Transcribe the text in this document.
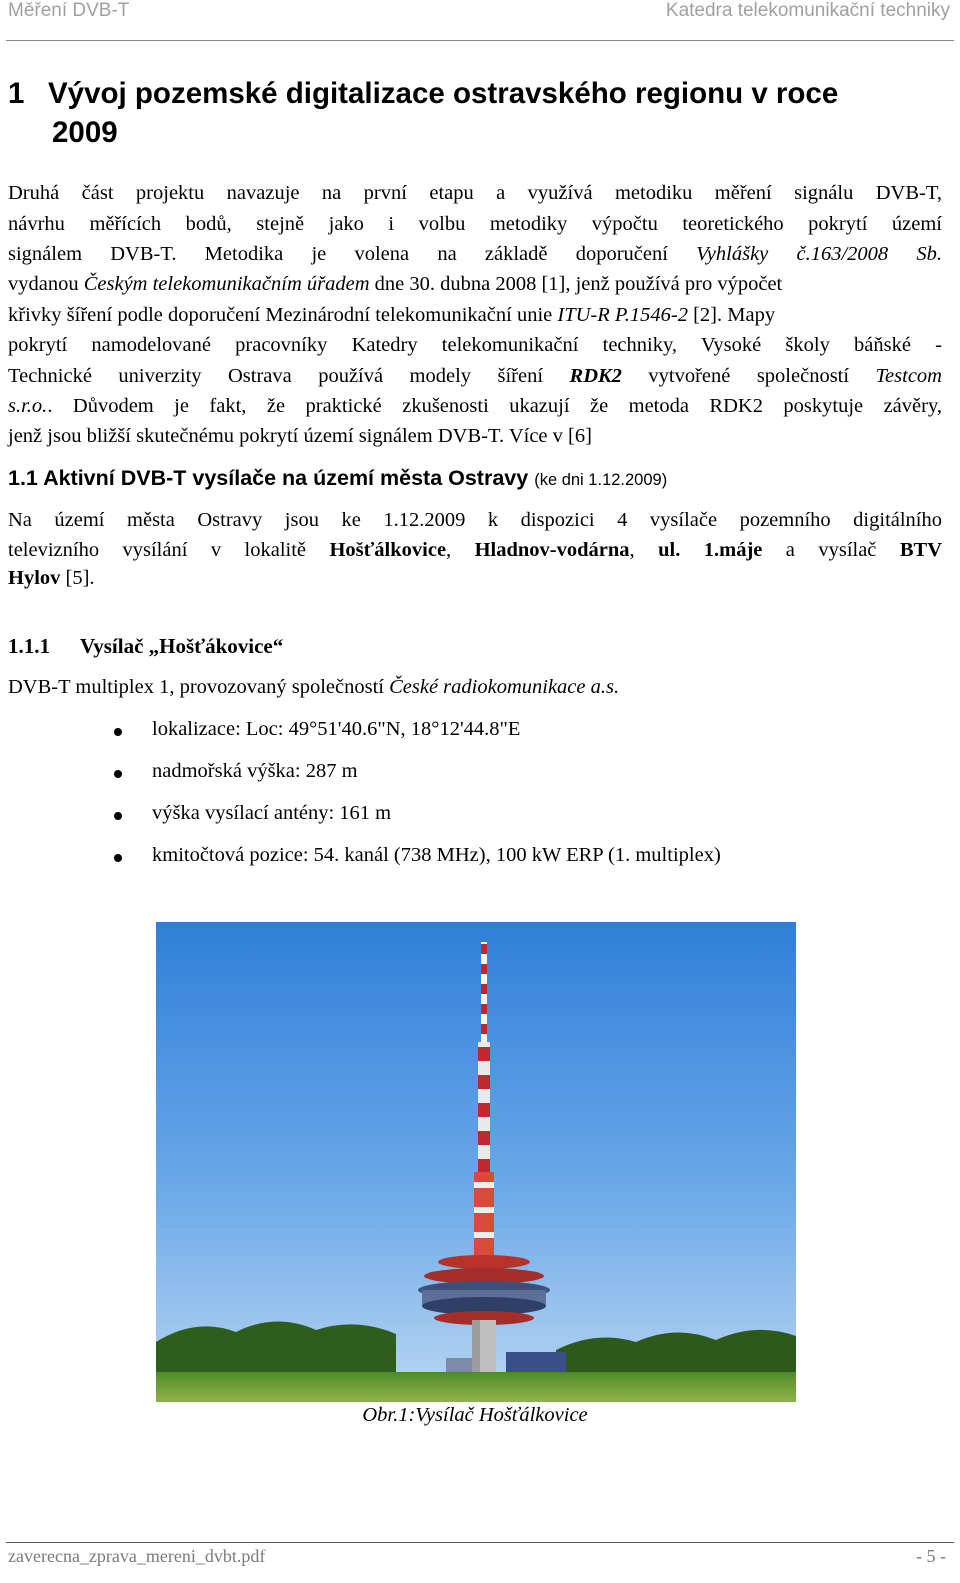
Měření DVB-T	Katedra telekomunikační techniky
1 Vývoj pozemské digitalizace ostravského regionu v roce
2009
Druhá část projektu navazuje na první etapu a využívá metodiku měření signálu DVB-T,
návrhu měřících bodů, stejně jako i volbu metodiky výpočtu teoretického pokrytí území
signálem DVB-T. Metodika je volena na základě doporučení Vyhlášky č.163/2008 Sb.
vydanou Českým telekomunikačním úřadem dne 30. dubna 2008 [1], jenž používá pro výpočet
křivky šíření podle doporučení Mezinárodní telekomunikační unie ITU-R P.1546-2 [2]. Mapy
pokrytí namodelované pracovníky Katedry telekomunikační techniky, Vysoké školy báňské -
Technické univerzity Ostrava používá modely šíření RDK2 vytvořené společností Testcom
s.r.o.. Důvodem je fakt, že praktické zkušenosti ukazují že metoda RDK2 poskytuje závěry,
jenž jsou bližší skutečnému pokrytí území signálem DVB-T. Více v [6]
1.1 Aktivní DVB-T vysílače na území města Ostravy (ke dni 1.12.2009)
Na území města Ostravy jsou ke 1.12.2009 k dispozici 4 vysílače pozemního digitálního
televizního vysílání v lokalitě Hošťálkovice, Hladnov-vodárna, ul. 1.máje a vysílač BTV
Hylov [5].
1.1.1 Vysílač „Hošťákovice“
DVB-T multiplex 1, provozovaný společností České radiokomunikace a.s.
lokalizace: Loc: 49°51'40.6"N, 18°12'44.8"E
nadmořská výška: 287 m
výška vysílací antény: 161 m
kmitočtová pozice: 54. kanál (738 MHz), 100 kW ERP (1. multiplex)
Obr.1:Vysílač Hošťálkovice
zaverecna_zprava_mereni_dvbt.pdf	- 5 -
